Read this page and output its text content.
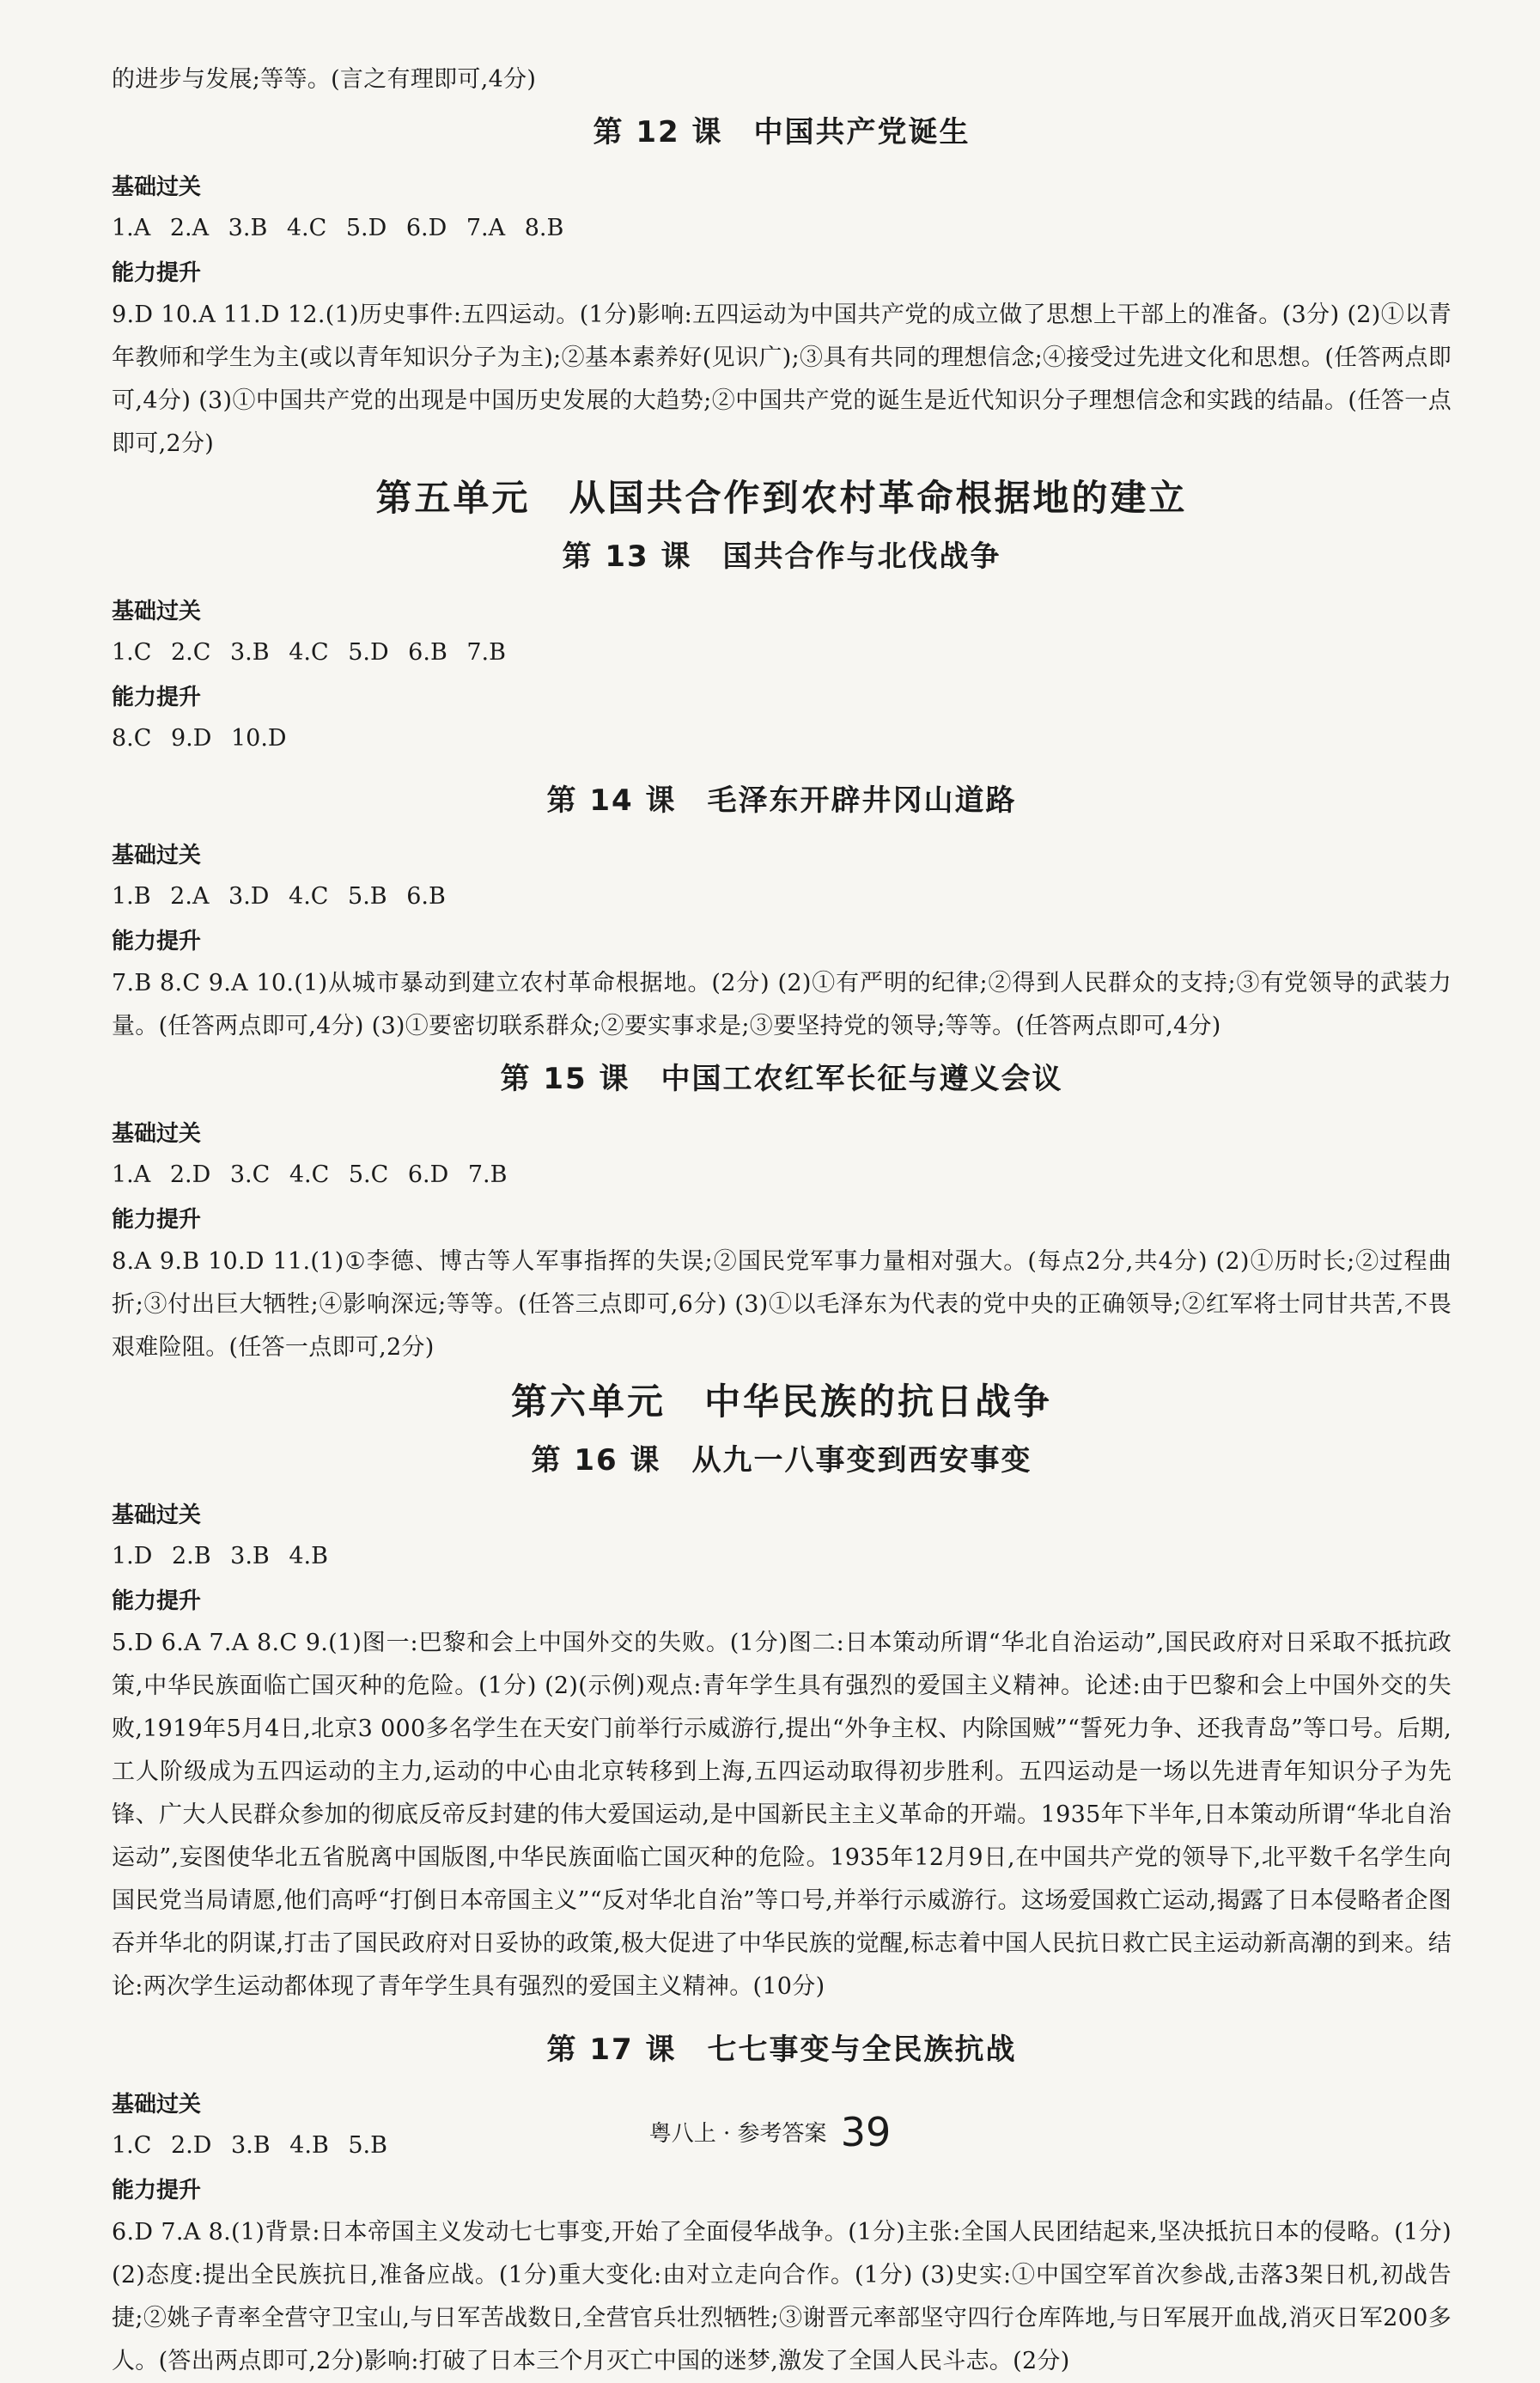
的进步与发展;等等。(言之有理即可,4分)

第 12 课　中国共产党诞生
基础过关

1.A 2.A 3.B 4.C 5.D 6.D 7.A 8.B

能力提升

9.D 10.A 11.D 12.(1)历史事件:五四运动。(1分)影响:五四运动为中国共产党的成立做了思想上干部上的准备。(3分) (2)①以青年教师和学生为主(或以青年知识分子为主);②基本素养好(见识广);③具有共同的理想信念;④接受过先进文化和思想。(任答两点即可,4分) (3)①中国共产党的出现是中国历史发展的大趋势;②中国共产党的诞生是近代知识分子理想信念和实践的结晶。(任答一点即可,2分)

第五单元　从国共合作到农村革命根据地的建立
第 13 课　国共合作与北伐战争
基础过关

1.C 2.C 3.B 4.C 5.D 6.B 7.B

能力提升

8.C 9.D 10.D

第 14 课　毛泽东开辟井冈山道路
基础过关

1.B 2.A 3.D 4.C 5.B 6.B

能力提升

7.B 8.C 9.A 10.(1)从城市暴动到建立农村革命根据地。(2分) (2)①有严明的纪律;②得到人民群众的支持;③有党领导的武装力量。(任答两点即可,4分) (3)①要密切联系群众;②要实事求是;③要坚持党的领导;等等。(任答两点即可,4分)

第 15 课　中国工农红军长征与遵义会议
基础过关

1.A 2.D 3.C 4.C 5.C 6.D 7.B

能力提升

8.A 9.B 10.D 11.(1)①李德、博古等人军事指挥的失误;②国民党军事力量相对强大。(每点2分,共4分) (2)①历时长;②过程曲折;③付出巨大牺牲;④影响深远;等等。(任答三点即可,6分) (3)①以毛泽东为代表的党中央的正确领导;②红军将士同甘共苦,不畏艰难险阻。(任答一点即可,2分)

第六单元　中华民族的抗日战争
第 16 课　从九一八事变到西安事变
基础过关

1.D 2.B 3.B 4.B

能力提升

5.D 6.A 7.A 8.C 9.(1)图一:巴黎和会上中国外交的失败。(1分)图二:日本策动所谓“华北自治运动”,国民政府对日采取不抵抗政策,中华民族面临亡国灭种的危险。(1分) (2)(示例)观点:青年学生具有强烈的爱国主义精神。论述:由于巴黎和会上中国外交的失败,1919年5月4日,北京3 000多名学生在天安门前举行示威游行,提出“外争主权、内除国贼”“誓死力争、还我青岛”等口号。后期,工人阶级成为五四运动的主力,运动的中心由北京转移到上海,五四运动取得初步胜利。五四运动是一场以先进青年知识分子为先锋、广大人民群众参加的彻底反帝反封建的伟大爱国运动,是中国新民主主义革命的开端。1935年下半年,日本策动所谓“华北自治运动”,妄图使华北五省脱离中国版图,中华民族面临亡国灭种的危险。1935年12月9日,在中国共产党的领导下,北平数千名学生向国民党当局请愿,他们高呼“打倒日本帝国主义”“反对华北自治”等口号,并举行示威游行。这场爱国救亡运动,揭露了日本侵略者企图吞并华北的阴谋,打击了国民政府对日妥协的政策,极大促进了中华民族的觉醒,标志着中国人民抗日救亡民主运动新高潮的到来。结论:两次学生运动都体现了青年学生具有强烈的爱国主义精神。(10分)

第 17 课　七七事变与全民族抗战
基础过关

1.C 2.D 3.B 4.B 5.B

能力提升

6.D 7.A 8.(1)背景:日本帝国主义发动七七事变,开始了全面侵华战争。(1分)主张:全国人民团结起来,坚决抵抗日本的侵略。(1分) (2)态度:提出全民族抗日,准备应战。(1分)重大变化:由对立走向合作。(1分) (3)史实:①中国空军首次参战,击落3架日机,初战告捷;②姚子青率全营守卫宝山,与日军苦战数日,全营官兵壮烈牺牲;③谢晋元率部坚守四行仓库阵地,与日军展开血战,消灭日军200多人。(答出两点即可,2分)影响:打破了日本三个月灭亡中国的迷梦,激发了全国人民斗志。(2分)

粤八上 · 参考答案 39
